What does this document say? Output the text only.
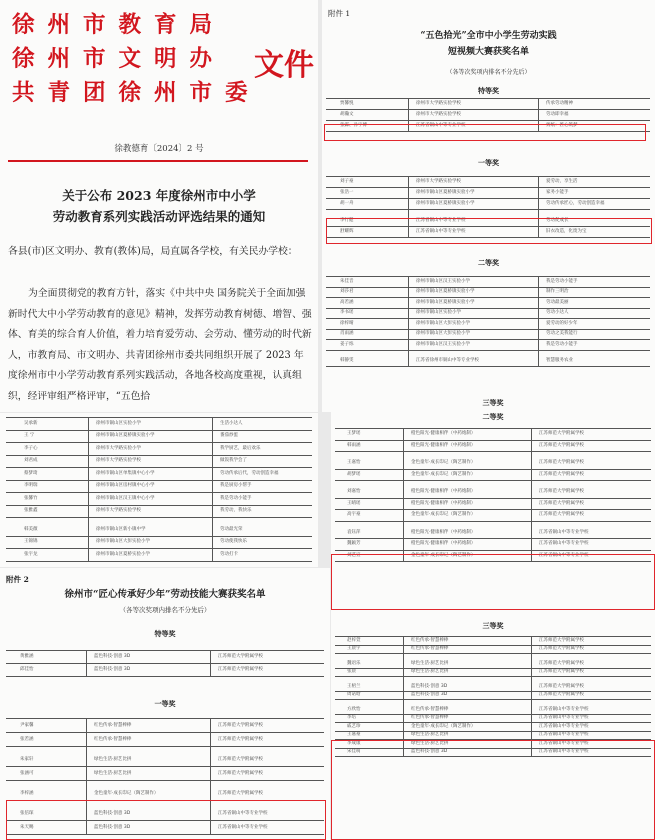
徐州市教育局
徐州市文明办
共青团徐州市委
文件
徐教德育〔2024〕2 号
关于公布 2023 年度徐州市中小学
劳动教育系列实践活动评选结果的通知
各县(市)区文明办、教育(教体)局，局直属各学校，有关民办学校：
为全面贯彻党的教育方针，落实《中共中央 国务院关于全面加强新时代大中小学劳动教育的意见》精神，发挥劳动教育树德、增智、强体、育美的综合育人价值，着力培育爱劳动、会劳动、懂劳动的时代新人，市教育局、市文明办、共青团徐州市委共同组织开展了 2023 年度徐州市中小学劳动教育系列实践活动，各地各校高度重视，认真组织，经评审组严格评审，“五色拾
吴承新	徐州市铜山区实验小学	生活小达人
王 宁	徐州市铜山区夏桥镇实验小学	番茄炒蛋
李子心	徐州市大学路实验小学	我学厨艺，最后欢乐
刘君成	徐州市大学路实验学校	做饭我学会了
蔡梦琦	徐州市铜山区单集镇中心小学	劳动传承后代，劳动创造幸福
李明瑞	徐州市铜山区房村镇中心小学	我是厨房小帮手
张馨竹	徐州市铜山区汉王镇中心小学	我是劳动小能手
张雅鑫	徐州市大学路实验学校	我劳动，我快乐
韩美薇	徐州市铜山区新小镇中学	劳动最光荣
王锦锦	徐州市铜山区大彭实验小学	劳动使我快乐
张宇龙	徐州市铜山区夏桥实验小学	劳动打卡
附件 2
徐州市“匠心传承好少年”劳动技能大赛获奖名单
（各等次奖项内排名不分先后）
特等奖
黄雅涵	蓝色科技·创意 3D	江苏师范大学附属学校
邱佳怡	蓝色科技·创意 3D	江苏师范大学附属学校
一等奖
尹家馨	红色传承·智慧棒棒	江苏师范大学附属学校
张若涵	红色传承·智慧棒棒	江苏师范大学附属学校
朱家轩	绿色生活·厨艺比拼	江苏师范大学附属学校
张涵可	绿色生活·厨艺比拼	江苏师范大学附属学校
李梓涵	金色童年·成长印记（陶艺制作）	江苏师范大学附属学校
张倍琛	蓝色科技·创意 3D	江苏省铜山中等专业学校
朱天赐	蓝色科技·创意 3D	江苏省铜山中等专业学校
附件 1
“五色拾光”全市中小学生劳动实践
短视频大赛获奖名单
（各等次奖项内排名不分先后）
特等奖
贾馨悦	徐州市大学路实验学校	传承劳动精神
胡瀚文	徐州市大学路实验学校	劳动即幸福
张霖、孙宇博	江苏省铜山中等专业学校	剪纸：匠心筑梦
一等奖
刘子豪	徐州市大学路实验学校	爱劳动，享生活
张浩一	徐州市铜山区夏桥镇实验小学	家务小能手
胡一舟	徐州市铜山区夏桥镇实验小学	劳动传承匠心，劳动创造幸福
李行健	江苏省铜山中等专业学校	劳动促成长
舒耀辉	江苏省铜山中等专业学校	旧衣改造，化废为宝
二等奖
朱佳音	徐州市铜山区汉王实验小学	我是劳动小能手
刘莎君	徐州市铜山区夏桥镇实验小学	制作三明治
高若涵	徐州市铜山区夏桥镇实验小学	劳动最美丽
李书瑶	徐州市铜山区实验小学	劳动小达人
徐梓晴	徐州市铜山区大彭实验小学	爱劳动的好少年
肖雨涵	徐州市铜山区大彭实验小学	劳动之美我能行
姜子烁	徐州市铜山区汉王实验小学	我是劳动小能手
韩静雯	江苏省徐州市铜山中等专业学校	智慧服务农业
三等奖
二等奖
王梦瑶	橙色阳光·健康相伴（中药炮制）	江苏师范大学附属学校
韩雨涵	橙色阳光·健康相伴（中药炮制）	江苏师范大学附属学校
王嘉怡	金色童年·成长印记（陶艺制作）	江苏师范大学附属学校
胡梦瑶	金色童年·成长印记（陶艺制作）	江苏师范大学附属学校
刘嘉怡	橙色阳光·健康相伴（中药炮制）	江苏师范大学附属学校
王晴瑶	橙色阳光·健康相伴（中药炮制）	江苏师范大学附属学校
高宇豪	金色童年·成长印记（陶艺制作）	江苏师范大学附属学校
袁钰萍	橙色阳光·健康相伴（中药炮制）	江苏省铜山中等专业学校
魏颖芳	橙色阳光·健康相伴（中药炮制）	江苏省铜山中等专业学校
刘艺宣	金色童年·成长印记（陶艺制作）	江苏省铜山中等专业学校
三等奖
赵梓萱	红色传承·智慧棒棒	江苏师范大学附属学校
王晨宇	红色传承·智慧棒棒	江苏师范大学附属学校
魏语乐	绿色生活·厨艺比拼	江苏师范大学附属学校
张晨	绿色生活·厨艺比拼	江苏师范大学附属学校
王梧兰	蓝色科技·创意 3D	江苏师范大学附属学校
周诺晗	蓝色科技·创意 3D	江苏师范大学附属学校
方欣怡	红色传承·智慧棒棒	江苏省铜山中等专业学校
李培	红色传承·智慧棒棒	江苏省铜山中等专业学校
戚艺珍	金色童年·成长印记（陶艺制作）	江苏省铜山中等专业学校
王嘉豪	绿色生活·厨艺比拼	江苏省铜山中等专业学校
李成康	绿色生活·厨艺比拼	江苏省铜山中等专业学校
宋佳萌	蓝色科技·创意 3D	江苏省铜山中等专业学校
